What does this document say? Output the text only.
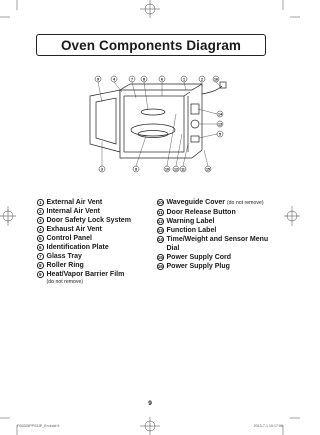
Oven Components Diagram
9	4	7	8	6	1	2	16
14
13
5
3	8	10 12 11	15
1 External Air Vent
2 Internal Air Vent
3 Door Safety Lock System
4 Exhaust Air Vent
5 Control Panel
6 Identification Plate
7 Glass Tray
8 Roller Ring
9 Heat/Vapor Barrier Film
(do not remove)
10 Waveguide Cover (do not remove)
11 Door Release Button
12 Warning Label
13 Function Label
14 Time/Weight and Sensor Menu
Dial
15 Power Supply Cord
16 Power Supply Plug
9
F00005PP03JP_En.indd 9	2013-7-1 10:17:56
